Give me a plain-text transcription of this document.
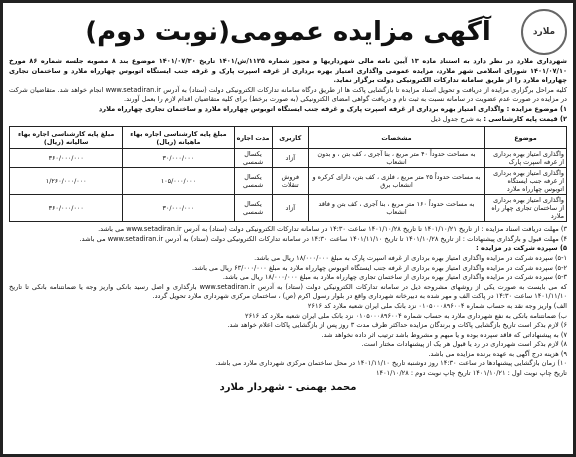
ملارد
آگهی مزایده عمومی(نوبت دوم)

شهرداری ملارد در نظر دارد به استناد ماده ۱۳ آیین نامه مالی شهرداریها و مجوز شماره ۱۱۲۵/ش/۱۴۰۱ تاریخ ۱۴۰۱/۰۷/۳۰ موضوع بند ۸ مصوبه جلسه شماره ۸۶ مورخ ۱۴۰۱/۰۷/۱۰ شورای اسلامی شهر ملارد، مزایده عمومی واگذاری امتیاز بهره برداری از غرفه اسپرت پارک و غرفه جنب ایستگاه اتوبوس چهارراه ملارد و ساختمان تجاری چهارراه ملارد را از طریق سامانه تدارکات الکترونیکی دولت برگزار نماید.

کلیه مراحل برگزاری مزایده از دریافت و تحویل اسناد مزایده تا بازگشایی پاکت ها از طریق درگاه سامانه تدارکات الکترونیکی دولت (ستاد) به آدرس www.setadiran.ir انجام خواهد شد. متقاضیان شرکت در مزایده در صورت عدم عضویت در سامانه نسبت به ثبت نام و دریافت گواهی امضای الکترونیکی (به صورت برخط) برای کلیه متقاضیان اقدام لازم را بعمل آورند.

۱) موضوع مزایده : واگذاری امتیاز بهره برداری از غرفه اسپرت پارک و غرفه جنب ایستگاه اتوبوس چهارراه ملارد و ساختمان تجاری چهارراه ملارد

۲) قیمت پایه کارشناسی : به شرح جدول ذیل

موضوع	مشخصات	کاربری	مدت اجاره	مبلغ پایه کارشناسی اجاره بهاء ماهیانه (ریال)	مبلغ پایه کارشناسی اجاره بهاء سالیانه (ریال)
واگذاری امتیاز بهره برداری از غرفه اسپرت پارک	به مساحت حدوداً ۴۰ متر مربع ، بنا آجری ، کف بتن ، و بدون انشعاب	آزاد	یکسال شمسی	۳۰/۰۰۰/۰۰۰	۳۶۰/۰۰۰/۰۰۰
واگذاری امتیاز بهره برداری از غرفه جنب ایستگاه اتوبوس چهارراه ملارد	به مساحت حدوداً ۲۵ متر مربع ، فلزی ، کف بتن، دارای کرکره و انشعاب برق	فروش تنقلات	یکسال شمسی	۱۰۵/۰۰۰/۰۰۰	۱/۲۶۰/۰۰۰/۰۰۰
واگذاری امتیاز بهره برداری از ساختمان تجاری چهار راه ملارد	به مساحت حدوداً ۱۶۰ متر مربع ، بنا آجری ، کف بتن و فاقد انشعاب	آزاد	یکسال شمسی	۳۰/۰۰۰/۰۰۰	۳۶۰/۰۰۰/۰۰۰

۳) مهلت دریافت اسناد مزایده : از تاریخ ۱۴۰۱/۱۰/۲۱ تا تاریخ ۱۴۰۱/۱۰/۲۸ ساعت ۱۴:۳۰ در سامانه تدارکات الکترونیکی دولت (ستاد) به آدرس www.setadiran.ir می باشد.

۴) مهلت قبول و بارگذاری پیشنهادات : از تاریخ ۱۴۰۱/۱۰/۲۸ تا تاریخ ۱۴۰۱/۱۱/۱۰ ساعت ۱۴:۳۰ در سامانه تدارکات الکترونیکی دولت (ستاد) به آدرس www.setadiran.ir می باشد.

۵) سپرده شرکت در مزایده :

۵-۱) سپرده شرکت در مزایده واگذاری امتیاز بهره برداری از غرفه اسپرت پارک به مبلغ ۱۸/۰۰۰/۰۰۰ ریال می باشد.

۵-۲) سپرده شرکت در مزایده واگذاری امتیاز بهره برداری از غرفه جنب ایستگاه اتوبوس چهارراه ملارد به مبلغ ۶۳/۰۰۰/۰۰۰ ریال می باشد.

۵-۳) سپرده شرکت در مزایده واگذاری امتیاز بهره برداری از ساختمان تجاری چهارراه ملارد به مبلغ ۱۸/۰۰۰/۰۰۰ ریال می باشد.

که می بایست به صورت یکی از روشهای مشروحه ذیل در سامانه تدارکات الکترونیکی دولت (ستاد) به آدرس www.setadiran.ir بارگذاری و اصل رسید بانکی واریز وجه یا ضمانتنامه بانکی تا تاریخ ۱۴۰۱/۱۱/۱۰ ساعت ۱۴:۳۰ در پاکت الف و مهر شده به دبیرخانه شهرداری واقع در بلوار رسول اکرم (ص) ، ساختمان مرکزی شهرداری ملارد تحویل گردد.

الف) واریز وجه نقد به حساب شماره ۰۱۰۵۰۰۰۸۹۶۰۰۴ نزد بانک ملی ایران شعبه ملارد کد ۲۶۱۶

ب) ضمانتنامه بانکی به نفع شهرداری ملارد به حساب شماره ۰۱۰۵۰۰۰۸۹۶۰۰۴ نزد بانک ملی ایران شعبه ملارد کد ۲۶۱۶

۶) لازم بذکر است تاریخ بازگشایی پاکات و برندگان مزایده حداکثر ظرف مدت ۳ روز پس از بازگشایی پاکات اعلام خواهد شد.

۷) به پیشنهاداتی که فاقد سپرده بوده و یا مبهم و مشروط باشد ترتیب اثر داده نخواهد شد.

۸) لازم بذکر است شهرداری در رد یا قبول هر یک از پیشنهادات مختار است.

۹) هزینه درج آگهی به عهده برنده مزایده می باشد.

۱۰) زمان بازگشایی پیشنهادها در ساعت ۱۴:۳۰ روز دوشنبه تاریخ ۱۴۰۱/۱۱/۱۰ در محل ساختمان مرکزی شهرداری ملارد می باشد.

تاریخ چاپ نوبت اول : ۱۴۰۱/۱۰/۲۱ تاریخ چاپ نوبت دوم : ۱۴۰۱/۱۰/۲۸

محمد بهمنی - شهردار ملارد
